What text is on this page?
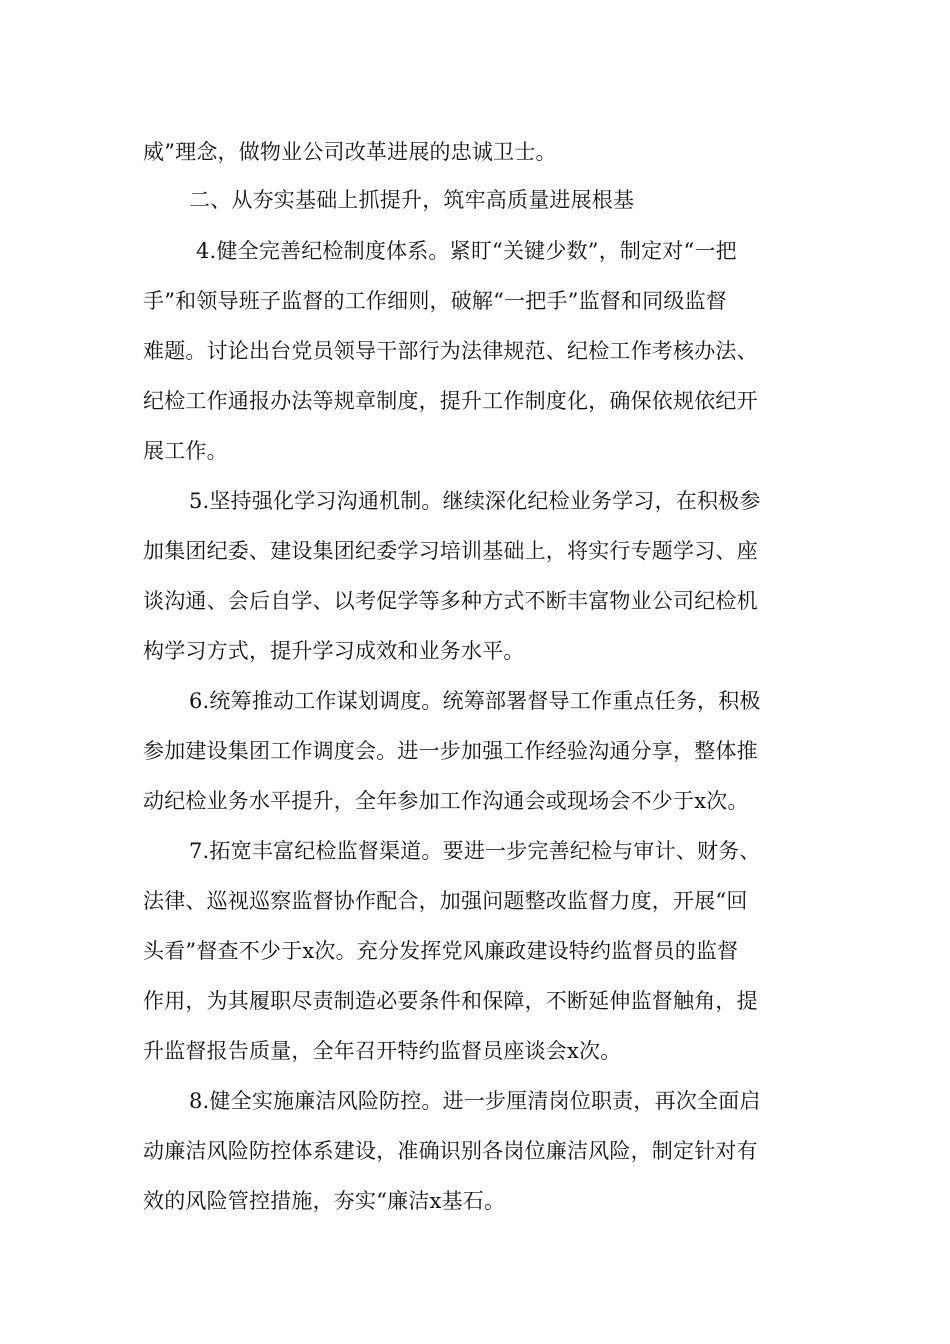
威”理念，做物业公司改革进展的忠诚卫士。
二、从夯实基础上抓提升，筑牢高质量进展根基
4.健全完善纪检制度体系。紧盯“关键少数”，制定对“一把
手”和领导班子监督的工作细则，破解“一把手”监督和同级监督
难题。讨论出台党员领导干部行为法律规范、纪检工作考核办法、
纪检工作通报办法等规章制度，提升工作制度化，确保依规依纪开
展工作。
5.坚持强化学习沟通机制。继续深化纪检业务学习，在积极参
加集团纪委、建设集团纪委学习培训基础上，将实行专题学习、座
谈沟通、会后自学、以考促学等多种方式不断丰富物业公司纪检机
构学习方式，提升学习成效和业务水平。
6.统筹推动工作谋划调度。统筹部署督导工作重点任务，积极
参加建设集团工作调度会。进一步加强工作经验沟通分享，整体推
动纪检业务水平提升，全年参加工作沟通会或现场会不少于x次。
7.拓宽丰富纪检监督渠道。要进一步完善纪检与审计、财务、
法律、巡视巡察监督协作配合，加强问题整改监督力度，开展“回
头看”督查不少于x次。充分发挥党风廉政建设特约监督员的监督
作用，为其履职尽责制造必要条件和保障，不断延伸监督触角，提
升监督报告质量，全年召开特约监督员座谈会x次。
8.健全实施廉洁风险防控。进一步厘清岗位职责，再次全面启
动廉洁风险防控体系建设，准确识别各岗位廉洁风险，制定针对有
效的风险管控措施，夯实“廉洁x基石。
